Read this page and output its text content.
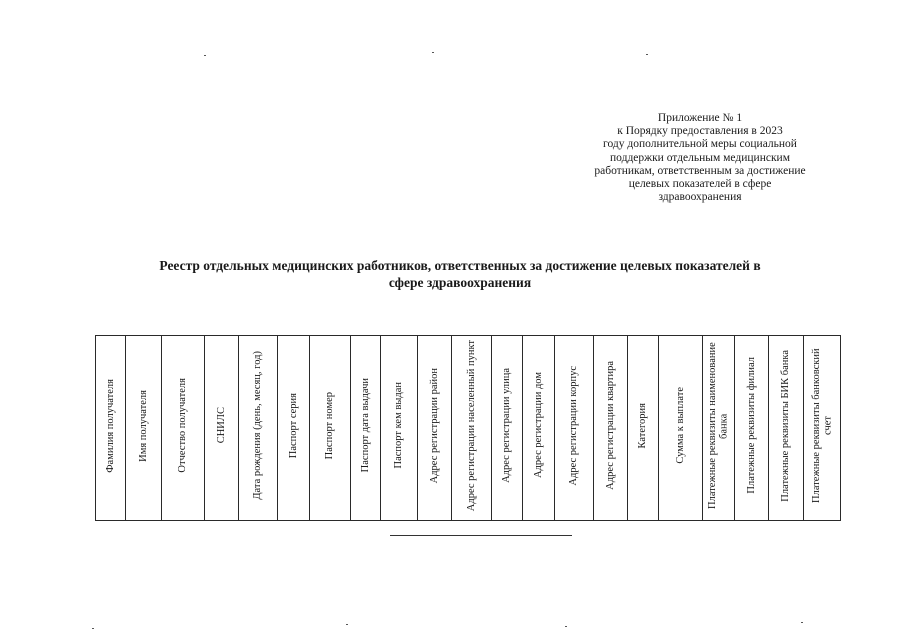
Приложение № 1
к Порядку предоставления в 2023
году дополнительной меры социальной
поддержки отдельным медицинским
работникам, ответственным за достижение
целевых показателей в сфере
здравоохранения
Реестр отдельных медицинских работников, ответственных за достижение целевых показателей в
сфере здравоохранения
Фамилия получателя	Имя получателя	Отчество получателя	СНИЛС	Дата рождения (день, месяц, год)	Паспорт серия	Паспорт номер	Паспорт дата выдачи	Паспорт кем выдан	Адрес регистрации район	Адрес регистрации населенный пункт	Адрес регистрации улица	Адрес регистрации дом	Адрес регистрации корпус	Адрес регистрации квартира	Категория	Сумма к выплате	Платежные реквизиты наименование банка	Платежные реквизиты филиал	Платежные реквизиты БИК банка	Платежные реквизиты банковский счет
